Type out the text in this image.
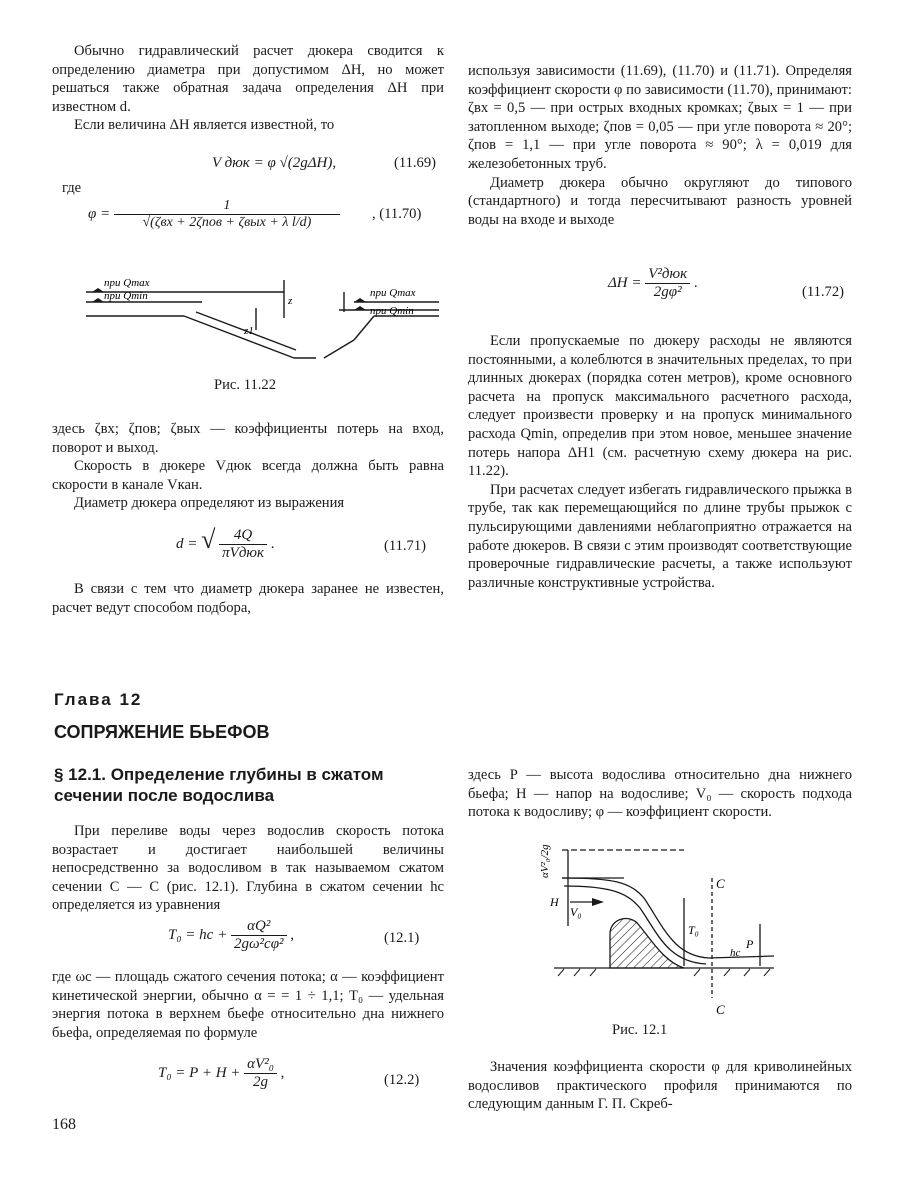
Обычно гидравлический расчет дюкера сводится к определению диаметра при допустимом ΔH, но может решаться также обратная задача определения ΔH при известном d.

Если величина ΔH является известной, то

V дюк = φ √(2gΔH),	(11.69)
где
$\varphi = \frac{1}{\text{√(ζвх + 2ζпов + ζвых + λ l/d)}}$ , (11.70)
при Qmax
при Qmin	при Qmax
при Qmin
z
z1
Рис. 11.22

здесь ζвх; ζпов; ζвых — коэффициенты потерь на вход, поворот и выход.

Скорость в дюкере Vдюк всегда должна быть равна скорости в канале Vкан.

Диаметр дюкера определяют из выражения

d = √ $\frac{4Q}{\text{πVдюк}}$ .	(11.71)

В связи с тем что диаметр дюкера заранее не известен, расчет ведут способом подбора,

используя зависимости (11.69), (11.70) и (11.71). Определяя коэффициент скорости φ по зависимости (11.70), принимают: ζвх = 0,5 — при острых входных кромках; ζвых = 1 — при затопленном выходе; ζпов = 0,05 — при угле поворота ≈ 20°; ζпов = 1,1 — при угле поворота ≈ 90°; λ = 0,019 для железобетонных труб.

Диаметр дюкера обычно округляют до типового (стандартного) и тогда пересчитывают разность уровней воды на входе и выходе

$\Delta H = \frac{\text{V²дюк}}{\text{2gφ²}}$ .
(11.72)

Если пропускаемые по дюкеру расходы не являются постоянными, а колеблются в значительных пределах, то при длинных дюкерах (порядка сотен метров), кроме основного расчета на пропуск максимального расчетного расхода, следует произвести проверку и на пропуск минимального расхода Qmin, определив при этом новое, меньшее значение потерь напора ΔH1 (см. расчетную схему дюкера на рис. 11.22).

При расчетах следует избегать гидравлического прыжка в трубе, так как перемещающийся по длине трубы прыжок с пульсирующими давлениями неблагоприятно отражается на работе дюкеров. В связи с этим производят соответствующие проверочные гидравлические расчеты, а также используют различные конструктивные устройства.

Глава 12
СОПРЯЖЕНИЕ БЬЕФОВ
§ 12.1. Определение глубины в сжатом сечении после водослива

При переливе воды через водослив скорость потока возрастает и достигает наибольшей величины непосредственно за водосливом в так называемом сжатом сечении C — C (рис. 12.1). Глубина в сжатом сечении hc определяется из уравнения

T₀ = hc + $\frac{\text{αQ²}}{\text{2gω²cφ²}}$ ,	(12.1)

где ωc — площадь сжатого сечения потока; α — коэффициент кинетической энергии, обычно α = = 1 ÷ 1,1; T₀ — удельная энергия потока в верхнем бьефе относительно дна нижнего бьефа, определяемая по формуле

$T_0 = P + H + \frac{\text{αV²₀}}{2g}$ ,	(12.2)
168

здесь P — высота водослива относительно дна нижнего бьефа; H — напор на водосливе; V₀ — скорость подхода потока к водосливу; φ — коэффициент скорости.

αV²₀/2g
H
V₀
T₀
P
hc
C
C
Рис. 12.1

Значения коэффициента скорости φ для криволинейных водосливов практического профиля принимаются по следующим данным Г. П. Скреб-
